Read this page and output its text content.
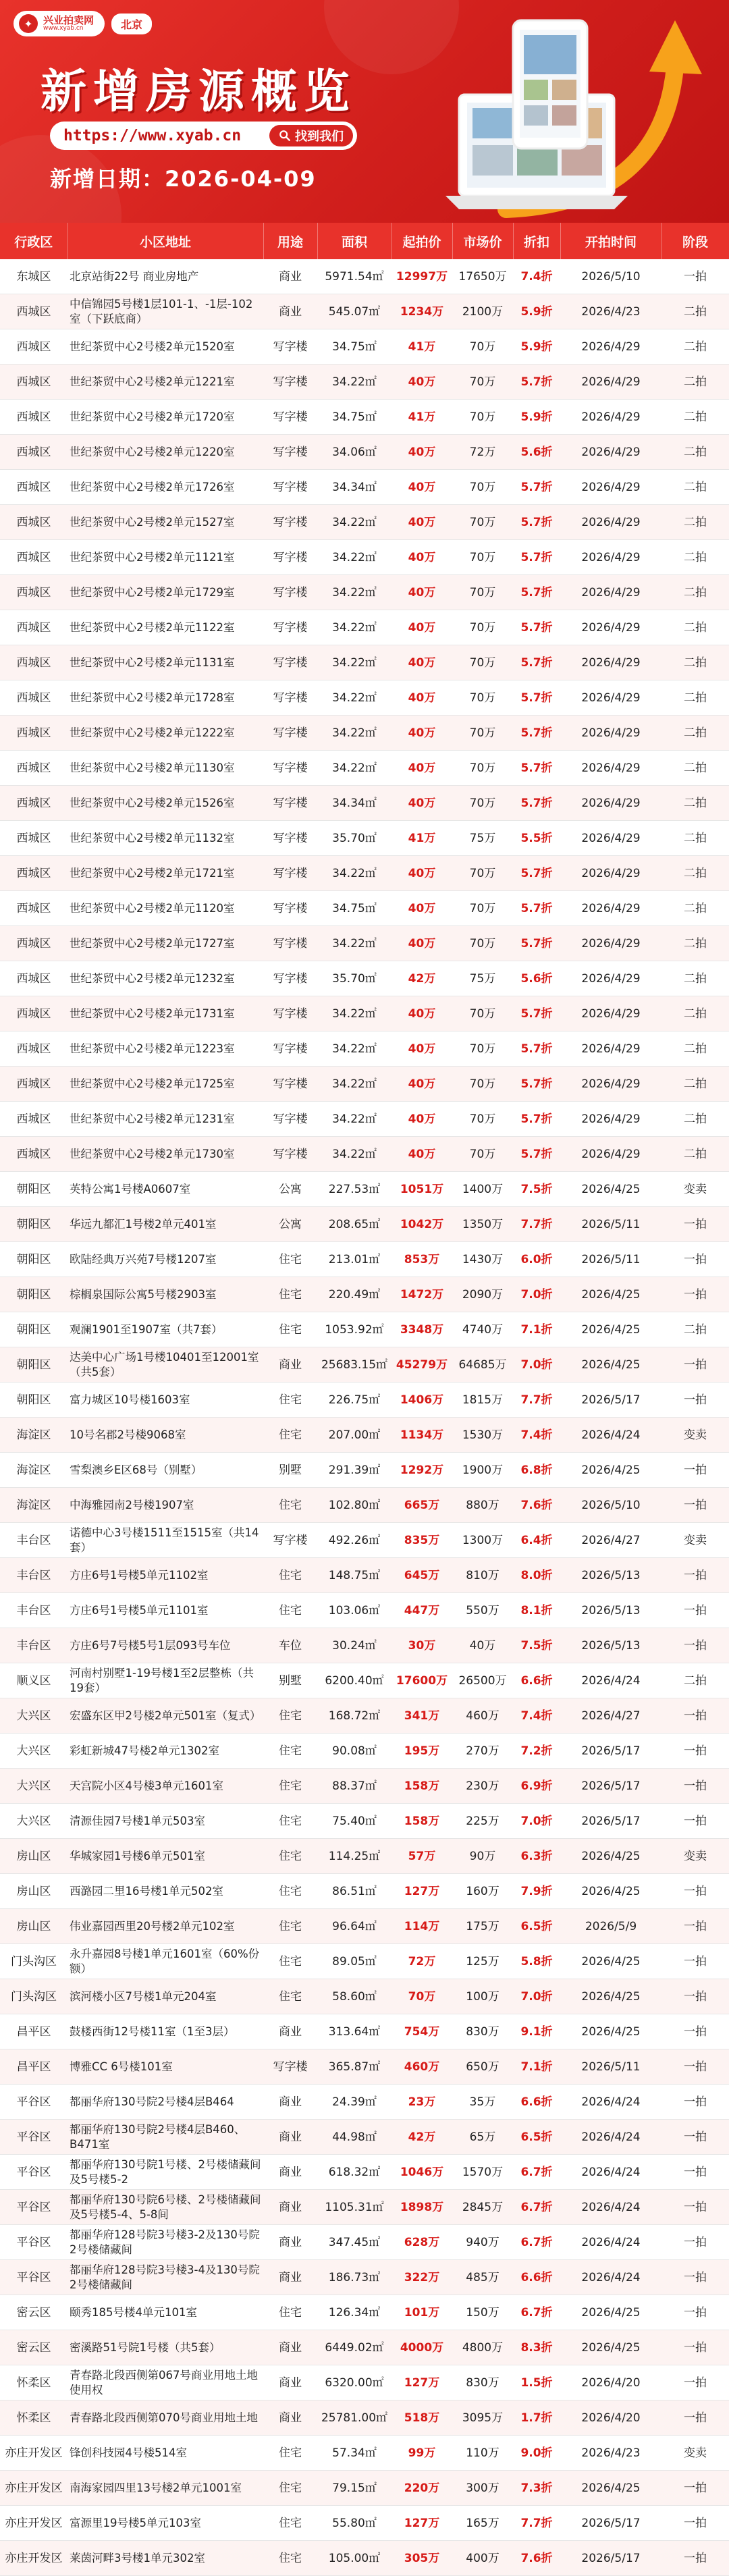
✦	兴业拍卖网
www.xyab.cn	北京
新增房源概览
https://www.xyab.cn	找到我们
新增日期：2026-04-09
行政区	小区地址	用途	面积	起拍价	市场价	折扣	开拍时间	阶段
东城区	北京站街22号 商业房地产	商业	5971.54㎡	12997万	17650万	7.4折	2026/5/10	一拍
西城区	中信锦园5号楼1层101-1、-1层-102室（下跃底商）	商业	545.07㎡	1234万	2100万	5.9折	2026/4/23	二拍
西城区	世纪茶贸中心2号楼2单元1520室	写字楼	34.75㎡	41万	70万	5.9折	2026/4/29	二拍
西城区	世纪茶贸中心2号楼2单元1221室	写字楼	34.22㎡	40万	70万	5.7折	2026/4/29	二拍
西城区	世纪茶贸中心2号楼2单元1720室	写字楼	34.75㎡	41万	70万	5.9折	2026/4/29	二拍
西城区	世纪茶贸中心2号楼2单元1220室	写字楼	34.06㎡	40万	72万	5.6折	2026/4/29	二拍
西城区	世纪茶贸中心2号楼2单元1726室	写字楼	34.34㎡	40万	70万	5.7折	2026/4/29	二拍
西城区	世纪茶贸中心2号楼2单元1527室	写字楼	34.22㎡	40万	70万	5.7折	2026/4/29	二拍
西城区	世纪茶贸中心2号楼2单元1121室	写字楼	34.22㎡	40万	70万	5.7折	2026/4/29	二拍
西城区	世纪茶贸中心2号楼2单元1729室	写字楼	34.22㎡	40万	70万	5.7折	2026/4/29	二拍
西城区	世纪茶贸中心2号楼2单元1122室	写字楼	34.22㎡	40万	70万	5.7折	2026/4/29	二拍
西城区	世纪茶贸中心2号楼2单元1131室	写字楼	34.22㎡	40万	70万	5.7折	2026/4/29	二拍
西城区	世纪茶贸中心2号楼2单元1728室	写字楼	34.22㎡	40万	70万	5.7折	2026/4/29	二拍
西城区	世纪茶贸中心2号楼2单元1222室	写字楼	34.22㎡	40万	70万	5.7折	2026/4/29	二拍
西城区	世纪茶贸中心2号楼2单元1130室	写字楼	34.22㎡	40万	70万	5.7折	2026/4/29	二拍
西城区	世纪茶贸中心2号楼2单元1526室	写字楼	34.34㎡	40万	70万	5.7折	2026/4/29	二拍
西城区	世纪茶贸中心2号楼2单元1132室	写字楼	35.70㎡	41万	75万	5.5折	2026/4/29	二拍
西城区	世纪茶贸中心2号楼2单元1721室	写字楼	34.22㎡	40万	70万	5.7折	2026/4/29	二拍
西城区	世纪茶贸中心2号楼2单元1120室	写字楼	34.75㎡	40万	70万	5.7折	2026/4/29	二拍
西城区	世纪茶贸中心2号楼2单元1727室	写字楼	34.22㎡	40万	70万	5.7折	2026/4/29	二拍
西城区	世纪茶贸中心2号楼2单元1232室	写字楼	35.70㎡	42万	75万	5.6折	2026/4/29	二拍
西城区	世纪茶贸中心2号楼2单元1731室	写字楼	34.22㎡	40万	70万	5.7折	2026/4/29	二拍
西城区	世纪茶贸中心2号楼2单元1223室	写字楼	34.22㎡	40万	70万	5.7折	2026/4/29	二拍
西城区	世纪茶贸中心2号楼2单元1725室	写字楼	34.22㎡	40万	70万	5.7折	2026/4/29	二拍
西城区	世纪茶贸中心2号楼2单元1231室	写字楼	34.22㎡	40万	70万	5.7折	2026/4/29	二拍
西城区	世纪茶贸中心2号楼2单元1730室	写字楼	34.22㎡	40万	70万	5.7折	2026/4/29	二拍
朝阳区	英特公寓1号楼A0607室	公寓	227.53㎡	1051万	1400万	7.5折	2026/4/25	变卖
朝阳区	华远九都汇1号楼2单元401室	公寓	208.65㎡	1042万	1350万	7.7折	2026/5/11	一拍
朝阳区	欧陆经典万兴苑7号楼1207室	住宅	213.01㎡	853万	1430万	6.0折	2026/5/11	一拍
朝阳区	棕榈泉国际公寓5号楼2903室	住宅	220.49㎡	1472万	2090万	7.0折	2026/4/25	一拍
朝阳区	观澜1901至1907室（共7套）	住宅	1053.92㎡	3348万	4740万	7.1折	2026/4/25	二拍
朝阳区	达美中心广场1号楼10401至12001室（共5套）	商业	25683.15㎡	45279万	64685万	7.0折	2026/4/25	一拍
朝阳区	富力城区10号楼1603室	住宅	226.75㎡	1406万	1815万	7.7折	2026/5/17	一拍
海淀区	10号名郡2号楼9068室	住宅	207.00㎡	1134万	1530万	7.4折	2026/4/24	变卖
海淀区	雪梨澳乡E区68号（别墅）	别墅	291.39㎡	1292万	1900万	6.8折	2026/4/25	一拍
海淀区	中海雅园南2号楼1907室	住宅	102.80㎡	665万	880万	7.6折	2026/5/10	一拍
丰台区	诺德中心3号楼1511至1515室（共14套）	写字楼	492.26㎡	835万	1300万	6.4折	2026/4/27	变卖
丰台区	方庄6号1号楼5单元1102室	住宅	148.75㎡	645万	810万	8.0折	2026/5/13	一拍
丰台区	方庄6号1号楼5单元1101室	住宅	103.06㎡	447万	550万	8.1折	2026/5/13	一拍
丰台区	方庄6号7号楼5号1层093号车位	车位	30.24㎡	30万	40万	7.5折	2026/5/13	一拍
顺义区	河南村别墅1-19号楼1至2层整栋（共19套）	别墅	6200.40㎡	17600万	26500万	6.6折	2026/4/24	二拍
大兴区	宏盛东区甲2号楼2单元501室（复式）	住宅	168.72㎡	341万	460万	7.4折	2026/4/27	一拍
大兴区	彩虹新城47号楼2单元1302室	住宅	90.08㎡	195万	270万	7.2折	2026/5/17	一拍
大兴区	天宫院小区4号楼3单元1601室	住宅	88.37㎡	158万	230万	6.9折	2026/5/17	一拍
大兴区	清源佳园7号楼1单元503室	住宅	75.40㎡	158万	225万	7.0折	2026/5/17	一拍
房山区	华城家园1号楼6单元501室	住宅	114.25㎡	57万	90万	6.3折	2026/4/25	变卖
房山区	西潞园二里16号楼1单元502室	住宅	86.51㎡	127万	160万	7.9折	2026/4/25	一拍
房山区	伟业嘉园西里20号楼2单元102室	住宅	96.64㎡	114万	175万	6.5折	2026/5/9	一拍
门头沟区	永升嘉园8号楼1单元1601室（60%份额）	住宅	89.05㎡	72万	125万	5.8折	2026/4/25	一拍
门头沟区	滨河楼小区7号楼1单元204室	住宅	58.60㎡	70万	100万	7.0折	2026/4/25	一拍
昌平区	鼓楼西街12号楼11室（1至3层）	商业	313.64㎡	754万	830万	9.1折	2026/4/25	一拍
昌平区	博雅CC 6号楼101室	写字楼	365.87㎡	460万	650万	7.1折	2026/5/11	一拍
平谷区	都丽华府130号院2号楼4层B464	商业	24.39㎡	23万	35万	6.6折	2026/4/24	一拍
平谷区	都丽华府130号院2号楼4层B460、B471室	商业	44.98㎡	42万	65万	6.5折	2026/4/24	一拍
平谷区	都丽华府130号院1号楼、2号楼储藏间及5号楼5-2	商业	618.32㎡	1046万	1570万	6.7折	2026/4/24	一拍
平谷区	都丽华府130号院6号楼、2号楼储藏间及5号楼5-4、5-8间	商业	1105.31㎡	1898万	2845万	6.7折	2026/4/24	一拍
平谷区	都丽华府128号院3号楼3-2及130号院2号楼储藏间	商业	347.45㎡	628万	940万	6.7折	2026/4/24	一拍
平谷区	都丽华府128号院3号楼3-4及130号院2号楼储藏间	商业	186.73㎡	322万	485万	6.6折	2026/4/24	一拍
密云区	颐秀185号楼4单元101室	住宅	126.34㎡	101万	150万	6.7折	2026/4/25	一拍
密云区	密溪路51号院1号楼（共5套）	商业	6449.02㎡	4000万	4800万	8.3折	2026/4/25	一拍
怀柔区	青春路北段西侧第067号商业用地土地使用权	商业	6320.00㎡	127万	830万	1.5折	2026/4/20	一拍
怀柔区	青春路北段西侧第070号商业用地土地	商业	25781.00㎡	518万	3095万	1.7折	2026/4/20	一拍
亦庄开发区	锋创科技园4号楼514室	住宅	57.34㎡	99万	110万	9.0折	2026/4/23	变卖
亦庄开发区	南海家园四里13号楼2单元1001室	住宅	79.15㎡	220万	300万	7.3折	2026/4/25	一拍
亦庄开发区	富源里19号楼5单元103室	住宅	55.80㎡	127万	165万	7.7折	2026/5/17	一拍
亦庄开发区	莱茵河畔3号楼1单元302室	住宅	105.00㎡	305万	400万	7.6折	2026/5/17	一拍
